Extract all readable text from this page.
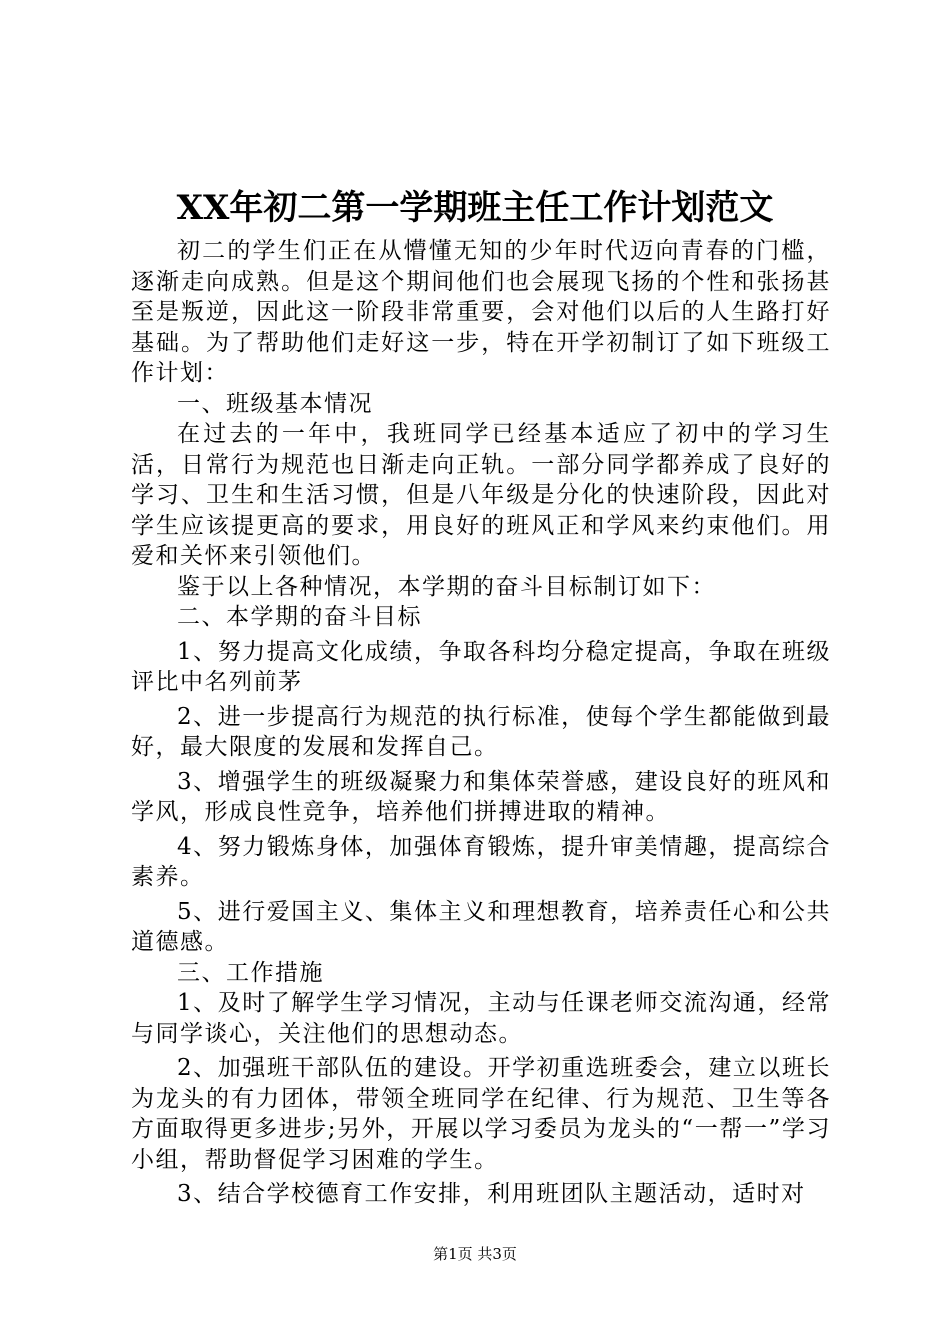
XX年初二第一学期班主任工作计划范文

初二的学生们正在从懵懂无知的少年时代迈向青春的门槛，逐渐走向成熟。但是这个期间他们也会展现飞扬的个性和张扬甚至是叛逆，因此这一阶段非常重要，会对他们以后的人生路打好基础。为了帮助他们走好这一步，特在开学初制订了如下班级工作计划：

一、班级基本情况

在过去的一年中，我班同学已经基本适应了初中的学习生活，日常行为规范也日渐走向正轨。一部分同学都养成了良好的学习、卫生和生活习惯，但是八年级是分化的快速阶段，因此对学生应该提更高的要求，用良好的班风正和学风来约束他们。用爱和关怀来引领他们。

鉴于以上各种情况，本学期的奋斗目标制订如下：

二、本学期的奋斗目标

1、努力提高文化成绩，争取各科均分稳定提高，争取在班级评比中名列前茅

2、进一步提高行为规范的执行标准，使每个学生都能做到最好，最大限度的发展和发挥自己。

3、增强学生的班级凝聚力和集体荣誉感，建设良好的班风和学风，形成良性竞争，培养他们拼搏进取的精神。

4、努力锻炼身体，加强体育锻炼，提升审美情趣，提高综合素养。

5、进行爱国主义、集体主义和理想教育，培养责任心和公共道德感。

三、工作措施

1、及时了解学生学习情况，主动与任课老师交流沟通，经常与同学谈心，关注他们的思想动态。

2、加强班干部队伍的建设。开学初重选班委会，建立以班长为龙头的有力团体，带领全班同学在纪律、行为规范、卫生等各方面取得更多进步;另外，开展以学习委员为龙头的“一帮一”学习小组，帮助督促学习困难的学生。

3、结合学校德育工作安排，利用班团队主题活动，适时对

第1页 共3页
